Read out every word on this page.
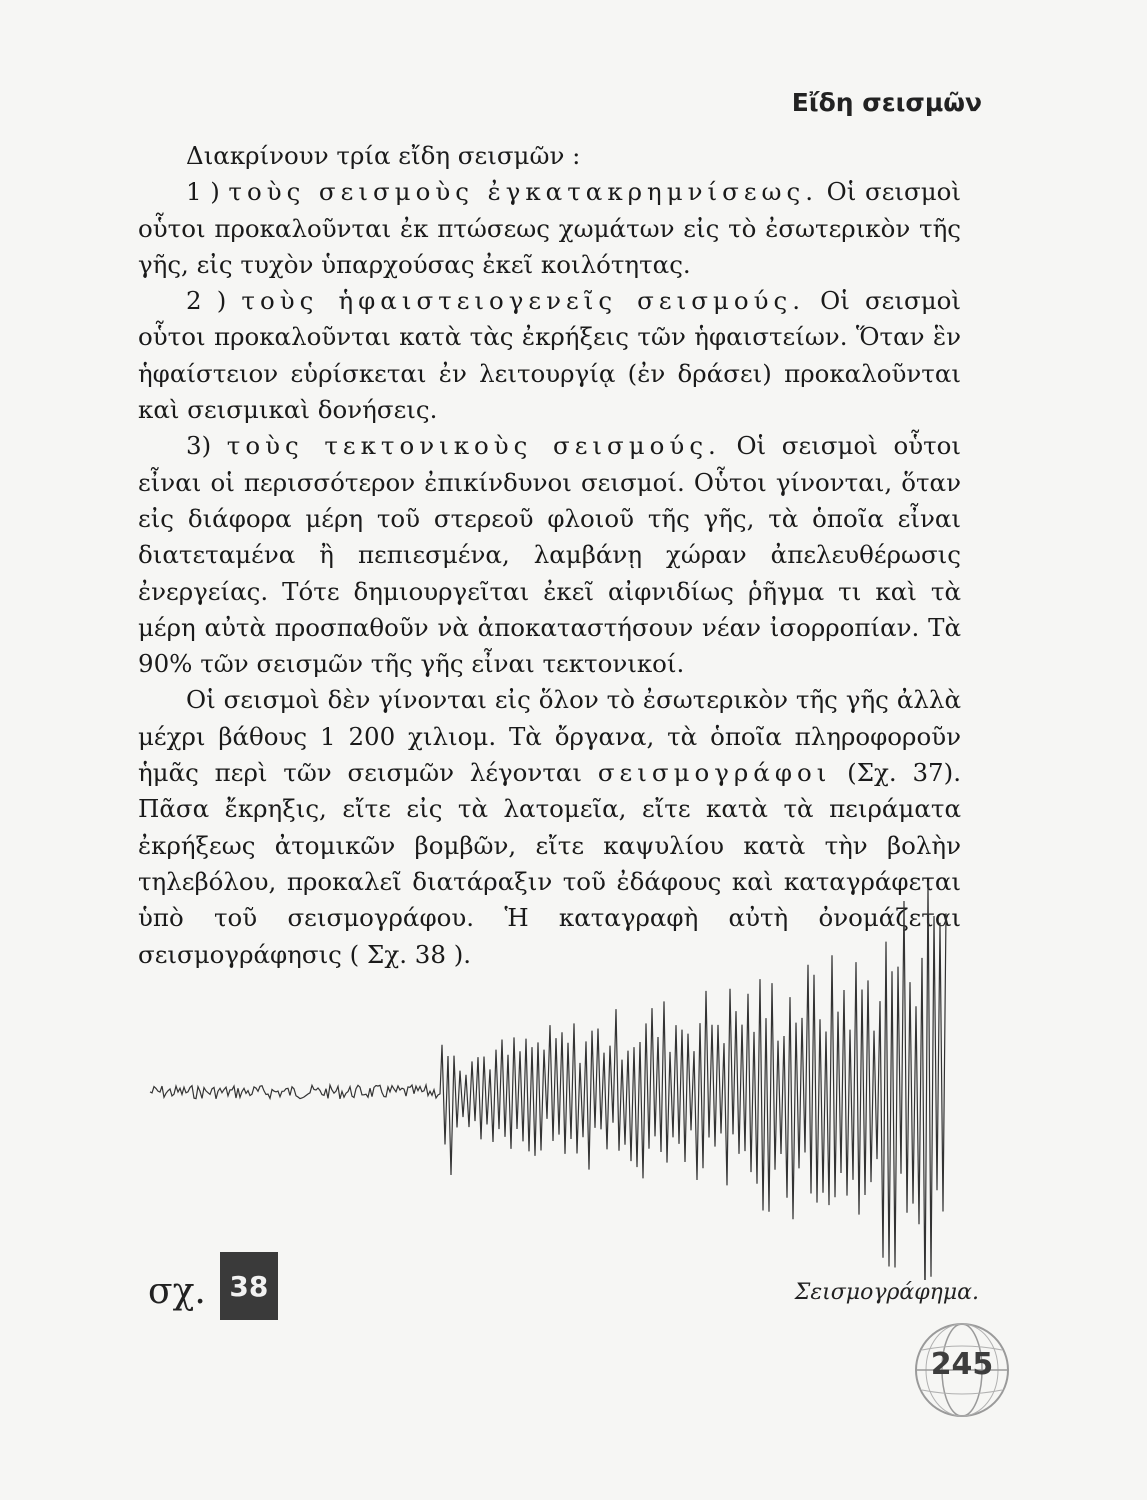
Εἴδη σεισμῶν

Διακρίνουν τρία εἴδη σεισμῶν :

1 ) τοὺς σεισμοὺς ἐγκατακρημνίσεως. Οἱ σεισμοὶ οὗτοι προκαλοῦνται ἐκ πτώσεως χωμάτων εἰς τὸ ἐσωτερικὸν τῆς γῆς, εἰς τυχὸν ὑπαρχούσας ἐκεῖ κοιλότητας.

2 ) τοὺς ἡφαιστειογενεῖς σεισμούς. Οἱ σεισμοὶ οὗτοι προκαλοῦνται κατὰ τὰς ἐκρήξεις τῶν ἡφαιστείων. Ὅταν ἓν ἡφαίστειον εὑρίσκεται ἐν λειτουργίᾳ (ἐν δράσει) προκαλοῦνται καὶ σεισμικαὶ δονήσεις.

3) τοὺς τεκτονικοὺς σεισμούς. Οἱ σεισμοὶ οὗτοι εἶναι οἱ περισσότερον ἐπικίνδυνοι σεισμοί. Οὗτοι γίνονται, ὅταν εἰς διάφορα μέρη τοῦ στερεοῦ φλοιοῦ τῆς γῆς, τὰ ὁποῖα εἶναι διατεταμένα ἢ πεπιεσμένα, λαμβάνῃ χώραν ἀπελευθέρωσις ἐνεργείας. Τότε δημιουργεῖται ἐκεῖ αἰφνιδίως ῥῆγμα τι καὶ τὰ μέρη αὐτὰ προσπαθοῦν νὰ ἀποκαταστήσουν νέαν ἰσορροπίαν. Τὰ 90% τῶν σεισμῶν τῆς γῆς εἶναι τεκτονικοί.

Οἱ σεισμοὶ δὲν γίνονται εἰς ὅλον τὸ ἐσωτερικὸν τῆς γῆς ἀλλὰ μέχρι βάθους 1 200 χιλιομ. Τὰ ὄργανα, τὰ ὁποῖα πληροφοροῦν ἡμᾶς περὶ τῶν σεισμῶν λέγονται σεισμογράφοι (Σχ. 37). Πᾶσα ἔκρηξις, εἴτε εἰς τὰ λατομεῖα, εἴτε κατὰ τὰ πειράματα ἐκρήξεως ἀτομικῶν βομβῶν, εἴτε καψυλίου κατὰ τὴν βολὴν τηλεβόλου, προκαλεῖ διατάραξιν τοῦ ἐδάφους καὶ καταγράφεται ὑπὸ τοῦ σεισμογράφου. Ἡ καταγραφὴ αὐτὴ ὀνομάζεται σεισμογράφησις ( Σχ. 38 ).

σχ. 38	Σεισμογράφημα.
245
